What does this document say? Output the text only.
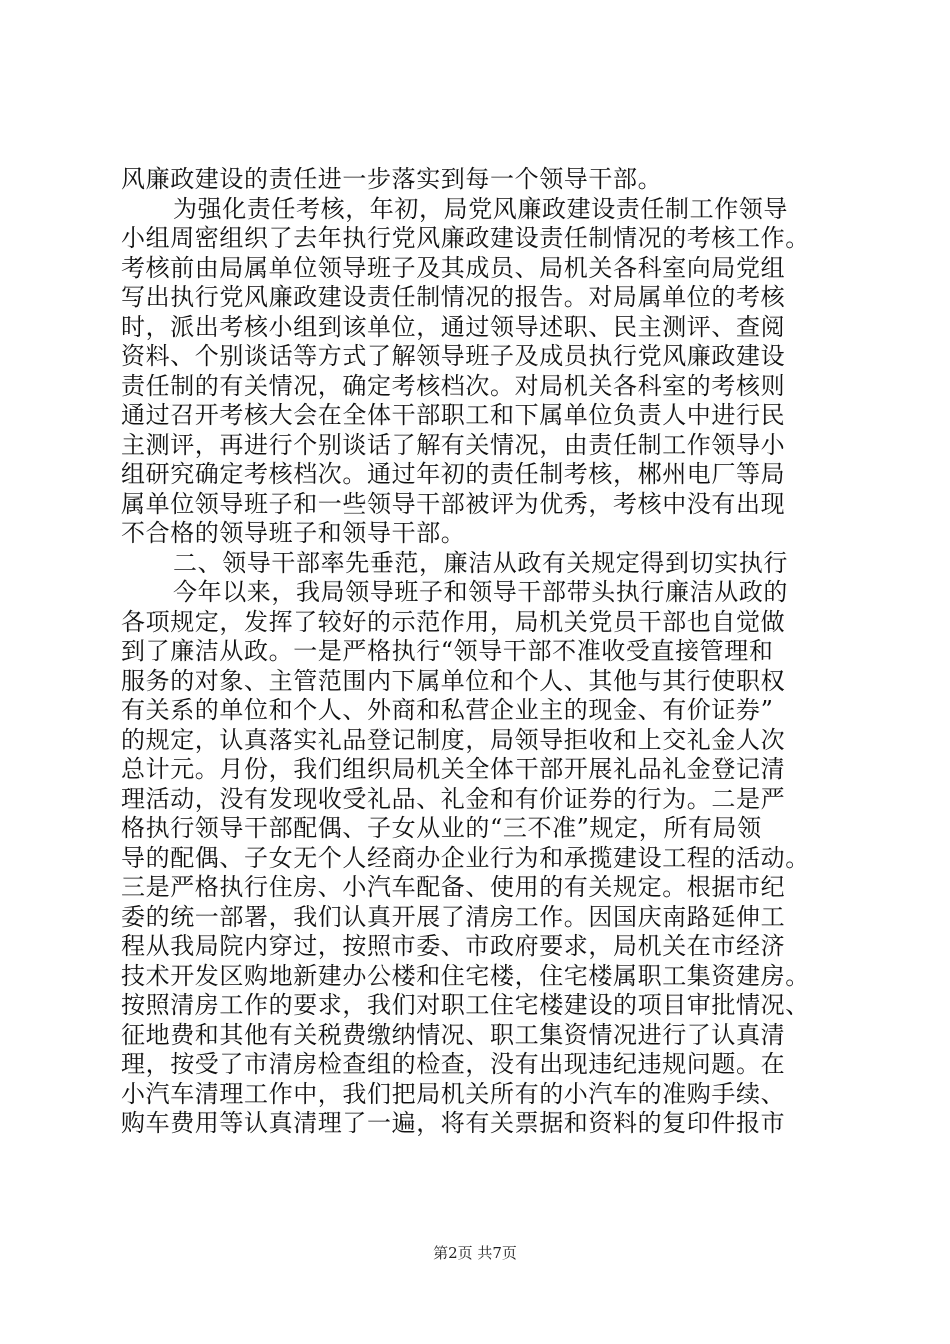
风廉政建设的责任进一步落实到每一个领导干部。
为强化责任考核，年初，局党风廉政建设责任制工作领导
小组周密组织了去年执行党风廉政建设责任制情况的考核工作。
考核前由局属单位领导班子及其成员、局机关各科室向局党组
写出执行党风廉政建设责任制情况的报告。对局属单位的考核
时，派出考核小组到该单位，通过领导述职、民主测评、查阅
资料、个别谈话等方式了解领导班子及成员执行党风廉政建设
责任制的有关情况，确定考核档次。对局机关各科室的考核则
通过召开考核大会在全体干部职工和下属单位负责人中进行民
主测评，再进行个别谈话了解有关情况，由责任制工作领导小
组研究确定考核档次。通过年初的责任制考核，郴州电厂等局
属单位领导班子和一些领导干部被评为优秀，考核中没有出现
不合格的领导班子和领导干部。
二、领导干部率先垂范，廉洁从政有关规定得到切实执行
今年以来，我局领导班子和领导干部带头执行廉洁从政的
各项规定，发挥了较好的示范作用，局机关党员干部也自觉做
到了廉洁从政。一是严格执行“领导干部不准收受直接管理和
服务的对象、主管范围内下属单位和个人、其他与其行使职权
有关系的单位和个人、外商和私营企业主的现金、有价证券”
的规定，认真落实礼品登记制度，局领导拒收和上交礼金人次
总计元。月份，我们组织局机关全体干部开展礼品礼金登记清
理活动，没有发现收受礼品、礼金和有价证券的行为。二是严
格执行领导干部配偶、子女从业的“三不准”规定，所有局领
导的配偶、子女无个人经商办企业行为和承揽建设工程的活动。
三是严格执行住房、小汽车配备、使用的有关规定。根据市纪
委的统一部署，我们认真开展了清房工作。因国庆南路延伸工
程从我局院内穿过，按照市委、市政府要求，局机关在市经济
技术开发区购地新建办公楼和住宅楼，住宅楼属职工集资建房。
按照清房工作的要求，我们对职工住宅楼建设的项目审批情况、
征地费和其他有关税费缴纳情况、职工集资情况进行了认真清
理，按受了市清房检查组的检查，没有出现违纪违规问题。在
小汽车清理工作中，我们把局机关所有的小汽车的准购手续、
购车费用等认真清理了一遍，将有关票据和资料的复印件报市
第2页 共7页
